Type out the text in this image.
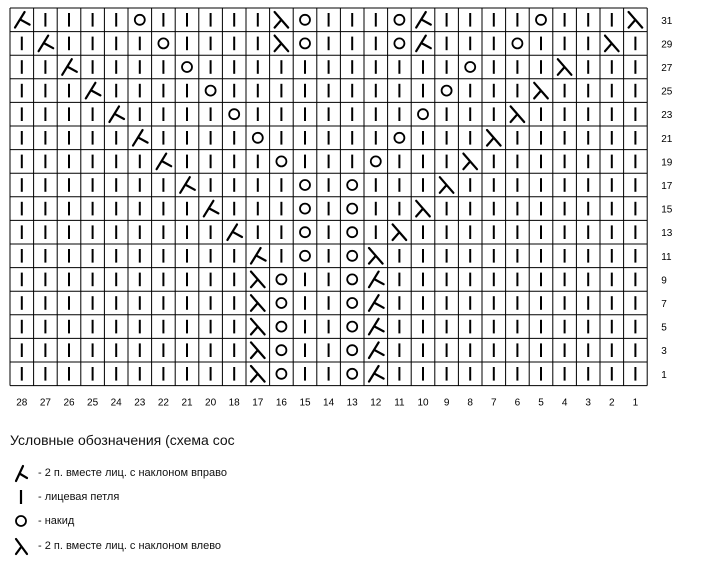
31
29
27
25
23
21
19
17
15
13
11
9
7
5
3
1
28 27 26 25 24 23 22 21 20 18 17 16 15 14 13 12 11 10 9 8 7 6 5 4 3 2 1
Условные обозначения (схема сос
- 2 п. вместе лиц. с наклоном вправо
- лицевая петля
- накид
- 2 п. вместе лиц. с наклоном влево
